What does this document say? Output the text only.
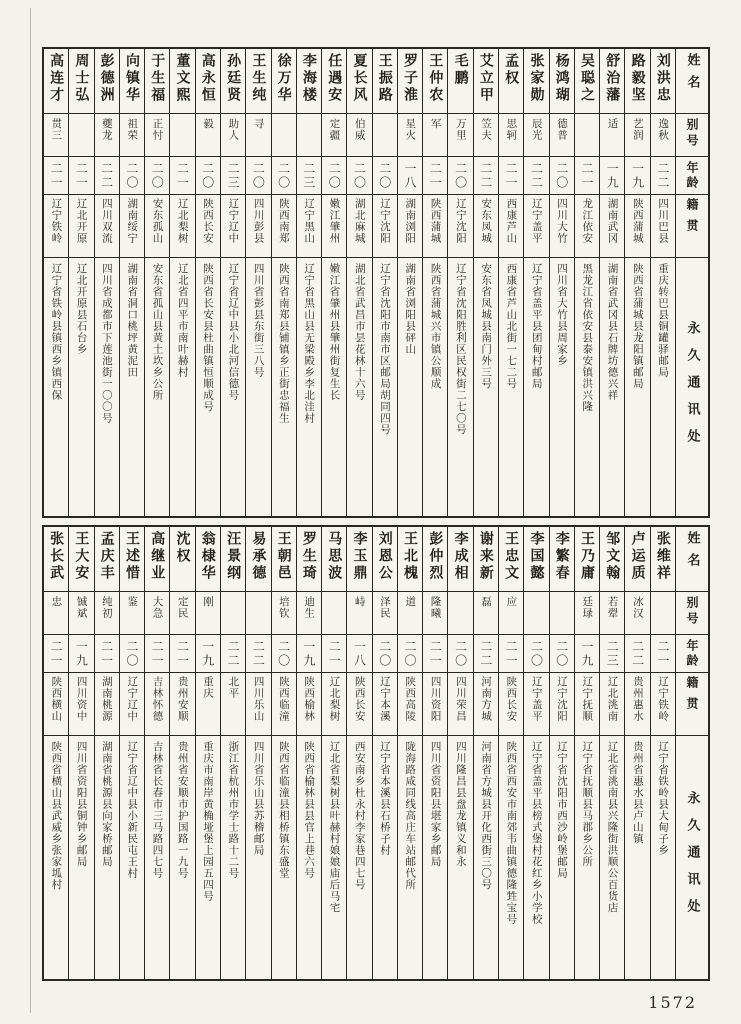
姓名
别号
年龄
籍贯
永久通讯处
刘洪忠
逸秋
二二
四川巴县
重庆转巴县铜罐驿邮局
路毅坚
艺润
一九
陕西蒲城
陕西省蒲城县龙阳镇邮局
舒治藩
适
一九
湖南武冈
湖南省武冈县石牌坊德兴祥
吴聪之
二一
龙江依安
黑龙江省依安县泰安镇洪兴隆
杨鸿瑚
德普
二〇
四川大竹
四川省大竹县周家乡
张家勋
辰光
二二
辽宁盖平
辽宁省盖平县团甸村邮局
孟权
思轲
二一
西康芦山
西康省芦山北街一七二号
艾立甲
笠夫
二二
安东凤城
安东省凤城县南门外三号
毛鹏
万里
二〇
辽宁沈阳
辽宁省沈阳胜利区民权街二七〇号
王仲农
军
二一
陕西蒲城
陕西省蒲城兴市镇公顺成
罗子淮
星火
一八
湖南浏阳
湖南省浏阳县砰山
王振路
二〇
辽宁沈阳
辽宁省沈阳市南市区邮局胡同四号
夏长风
伯威
二〇
湖北麻城
湖北省武昌市昙花林十六号
任遇安
定疆
二〇
嫩江肇州
嫩江省肇州县肇州街复生长
李海楼
二三
辽宁黑山
辽宁省黑山县无梁殿乡李北洼村
徐万华
二〇
陕西南郑
陕西省南郑县铺镇乡正街忠福生
王生纯
寻
二〇
四川彭县
四川省彭县东街三八号
孙廷贤
助人
二三
辽宁辽中
辽宁省辽中县小北河信德号
高永恒
毅
二〇
陕西长安
陕西省长安县杜曲镇恒顺成号
董文熙
二一
辽北梨树
辽北省四平市南叶赫村
于生福
正忖
二〇
安东孤山
安东省孤山县黄土坎乡公所
向镇华
祖荣
二〇
湖南绥宁
湖南省洞口桃坪黄泥田
彭德洲
夔龙
二二
四川双流
四川省成都市下莲池街一〇〇号
周士弘
二一
辽北开原
辽北开原县石台乡
高连才
贯三
二一
辽宁铁岭
辽宁省铁岭县镇西乡镇西保
姓名
别号
年龄
籍贯
永久通讯处
张维祥
二一
辽宁铁岭
辽宁省铁岭县大甸子乡
卢运质
冰汉
二二
贵州惠水
贵州省惠水县卢山镇
邹文翰
若翚
二三
辽北洮南
辽北省洮南县兴隆街洪顺公百货店
王乃庸
廷琭
一九
辽宁抚顺
辽宁省抚顺县马郡乡公所
李繁春
二〇
辽宁沈阳
辽宁省沈阳市西沙岭堡邮局
李国懿
二〇
辽宁盖平
辽宁省盖平县榜式堡村花红乡小学校
王忠文
应
二一
陕西长安
陕西省西安市南郊韦曲镇德隆甡宝号
谢来新
磊
二二
河南方城
河南省方城县开化西街三〇号
李成相
二〇
四川荣昌
四川隆昌县盘龙镇义和永
彭仲烈
隆曦
二一
四川资阳
四川省资阳县堪家乡邮局
王北槐
道
二〇
陕西高陵
陇海路咸同线高庄车站邮代所
刘恩公
泽民
二〇
辽宁本溪
辽宁省本溪县石桥子村
李玉鼎
峙
一八
陕西长安
西安南乡杜永村李家巷四七号
马思波
二一
辽北梨树
辽北省梨树县叶赫村娘娘庙后马宅
罗生琦
迪生
一九
陕西榆林
陕西省榆林县县官上巷六号
王朝邑
培钦
二〇
陕西临潼
陕西省临潼县相桥镇东盛堂
易承德
二二
四川乐山
四川省乐山县苏稽邮局
汪景纲
二二
北平
浙江省杭州市学士路十二号
翁棣华
刚
一九
重庆
重庆市南岸黄桷垭堡上园五四号
沈权
定民
二一
贵州安顺
贵州省安顺市护国路一九号
高继业
大急
二一
吉林怀德
吉林省长春市三马路四七号
王述惜
鉴
二〇
辽宁辽中
辽宁省辽中县小新民屯王村
孟庆丰
纯初
二一
湖南桃源
湖南省桃源县向家桥邮局
王大安
铖斌
一九
四川资中
四川省资阳县铜钟乡邮局
张长武
忠
二一
陕西横山
陕西省横山县武威乡张家坬村
1572
